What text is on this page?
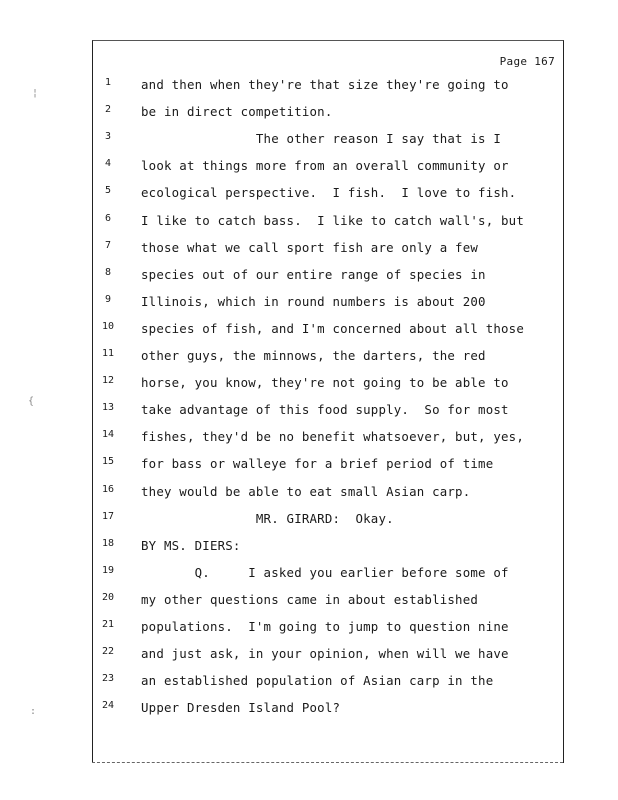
Page 167
1	and then when they're that size they're going to
2	be in direct competition.
3	The other reason I say that is I
4	look at things more from an overall community or
5	ecological perspective.  I fish.  I love to fish.
6	I like to catch bass.  I like to catch wall's, but
7	those what we call sport fish are only a few
8	species out of our entire range of species in
9	Illinois, which in round numbers is about 200
10	species of fish, and I'm concerned about all those
11	other guys, the minnows, the darters, the red
12	horse, you know, they're not going to be able to
13	take advantage of this food supply.  So for most
14	fishes, they'd be no benefit whatsoever, but, yes,
15	for bass or walleye for a brief period of time
16	they would be able to eat small Asian carp.
17	MR. GIRARD:  Okay.
18	BY MS. DIERS:
19	Q.     I asked you earlier before some of
20	my other questions came in about established
21	populations.  I'm going to jump to question nine
22	and just ask, in your opinion, when will we have
23	an established population of Asian carp in the
24	Upper Dresden Island Pool?
¦
{
:
